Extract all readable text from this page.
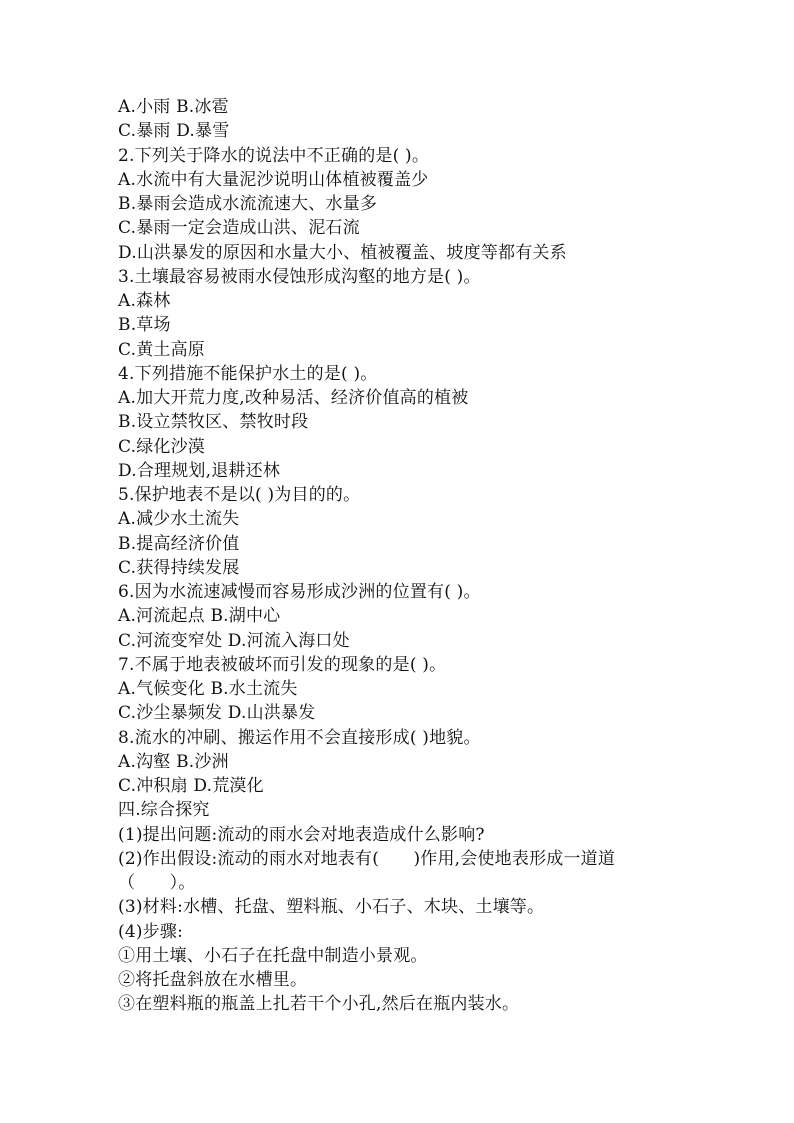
A.小雨 B.冰雹
C.暴雨 D.暴雪
2.下列关于降水的说法中不正确的是( )。
A.水流中有大量泥沙说明山体植被覆盖少
B.暴雨会造成水流流速大、水量多
C.暴雨一定会造成山洪、泥石流
D.山洪暴发的原因和水量大小、植被覆盖、坡度等都有关系
3.土壤最容易被雨水侵蚀形成沟壑的地方是( )。
A.森林
B.草场
C.黄土高原
4.下列措施不能保护水土的是( )。
A.加大开荒力度,改种易活、经济价值高的植被
B.设立禁牧区、禁牧时段
C.绿化沙漠
D.合理规划,退耕还林
5.保护地表不是以( )为目的的。
A.减少水土流失
B.提高经济价值
C.获得持续发展
6.因为水流速减慢而容易形成沙洲的位置有( )。
A.河流起点 B.湖中心
C.河流变窄处 D.河流入海口处
7.不属于地表被破坏而引发的现象的是( )。
A.气候变化 B.水土流失
C.沙尘暴频发 D.山洪暴发
8.流水的冲刷、搬运作用不会直接形成( )地貌。
A.沟壑 B.沙洲
C.冲积扇 D.荒漠化
四.综合探究
(1)提出问题:流动的雨水会对地表造成什么影响?
(2)作出假设:流动的雨水对地表有(　　)作用,会使地表形成一道道
（　　）。
(3)材料:水槽、托盘、塑料瓶、小石子、木块、土壤等。
(4)步骤:
①用土壤、小石子在托盘中制造小景观。
②将托盘斜放在水槽里。
③在塑料瓶的瓶盖上扎若干个小孔,然后在瓶内装水。
